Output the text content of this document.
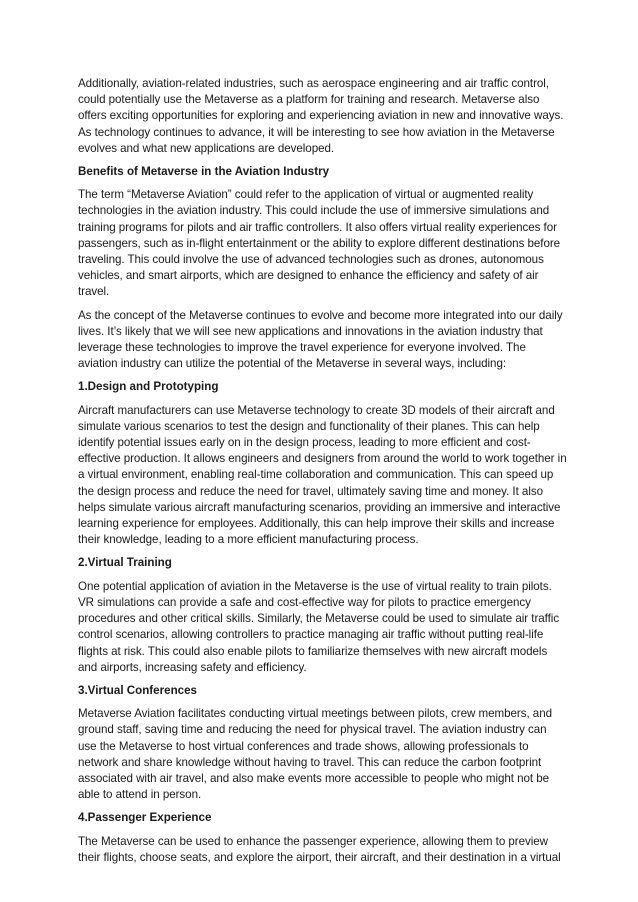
Additionally, aviation-related industries, such as aerospace engineering and air traffic control, could potentially use the Metaverse as a platform for training and research. Metaverse also offers exciting opportunities for exploring and experiencing aviation in new and innovative ways. As technology continues to advance, it will be interesting to see how aviation in the Metaverse evolves and what new applications are developed.

Benefits of Metaverse in the Aviation Industry

The term “Metaverse Aviation” could refer to the application of virtual or augmented reality technologies in the aviation industry. This could include the use of immersive simulations and training programs for pilots and air traffic controllers. It also offers virtual reality experiences for passengers, such as in-flight entertainment or the ability to explore different destinations before traveling. This could involve the use of advanced technologies such as drones, autonomous vehicles, and smart airports, which are designed to enhance the efficiency and safety of air travel.

As the concept of the Metaverse continues to evolve and become more integrated into our daily lives. It’s likely that we will see new applications and innovations in the aviation industry that leverage these technologies to improve the travel experience for everyone involved. The aviation industry can utilize the potential of the Metaverse in several ways, including:

1.Design and Prototyping

Aircraft manufacturers can use Metaverse technology to create 3D models of their aircraft and simulate various scenarios to test the design and functionality of their planes. This can help identify potential issues early on in the design process, leading to more efficient and cost-effective production. It allows engineers and designers from around the world to work together in a virtual environment, enabling real-time collaboration and communication. This can speed up the design process and reduce the need for travel, ultimately saving time and money. It also helps simulate various aircraft manufacturing scenarios, providing an immersive and interactive learning experience for employees. Additionally, this can help improve their skills and increase their knowledge, leading to a more efficient manufacturing process.

2.Virtual Training

One potential application of aviation in the Metaverse is the use of virtual reality to train pilots. VR simulations can provide a safe and cost-effective way for pilots to practice emergency procedures and other critical skills. Similarly, the Metaverse could be used to simulate air traffic control scenarios, allowing controllers to practice managing air traffic without putting real-life flights at risk. This could also enable pilots to familiarize themselves with new aircraft models and airports, increasing safety and efficiency.

3.Virtual Conferences

Metaverse Aviation facilitates conducting virtual meetings between pilots, crew members, and ground staff, saving time and reducing the need for physical travel. The aviation industry can use the Metaverse to host virtual conferences and trade shows, allowing professionals to network and share knowledge without having to travel. This can reduce the carbon footprint associated with air travel, and also make events more accessible to people who might not be able to attend in person.

4.Passenger Experience

The Metaverse can be used to enhance the passenger experience, allowing them to preview their flights, choose seats, and explore the airport, their aircraft, and their destination in a virtual
